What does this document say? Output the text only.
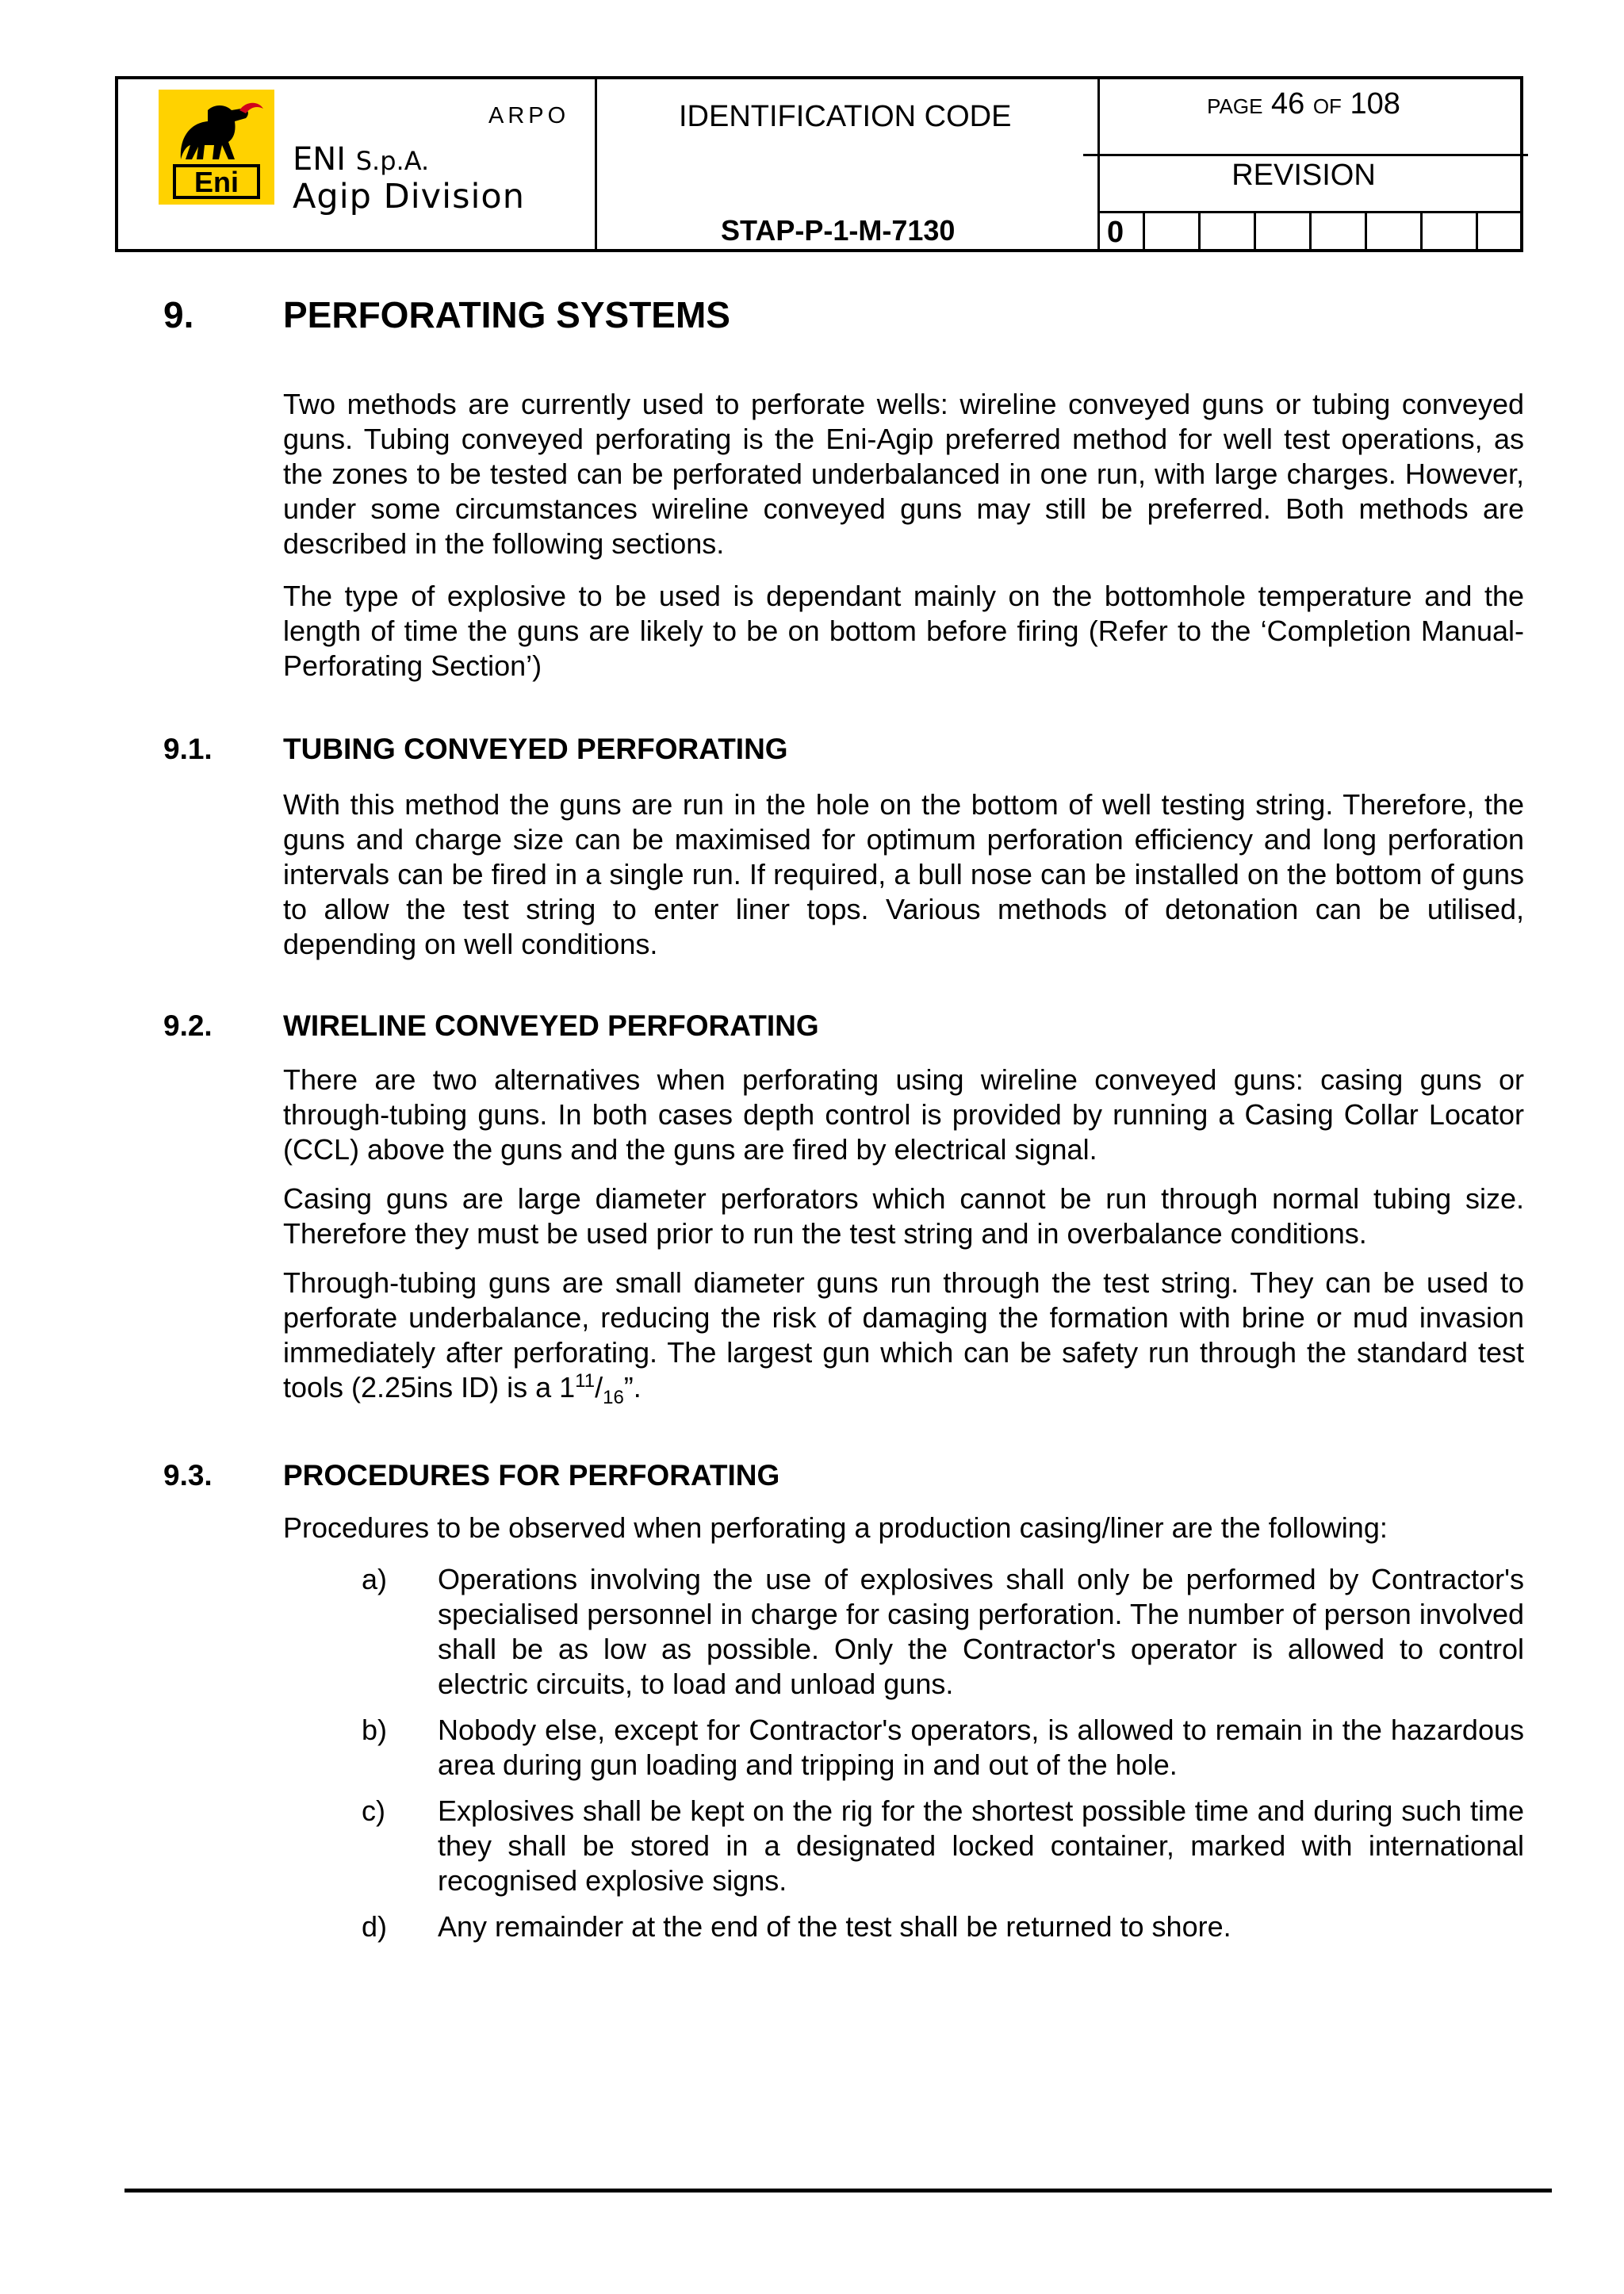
Eni
ARPO
ENI S.p.A.
Agip Division
IDENTIFICATION CODE
STAP-P-1-M-7130
PAGE 46 OF 108
REVISION
0
9. PERFORATING SYSTEMS
Two methods are currently used to perforate wells: wireline conveyed guns or tubing conveyed guns. Tubing conveyed perforating is the Eni-Agip preferred method for well test operations, as the zones to be tested can be perforated underbalanced in one run, with large charges. However, under some circumstances wireline conveyed guns may still be preferred. Both methods are described in the following sections.
The type of explosive to be used is dependant mainly on the bottomhole temperature and the length of time the guns are likely to be on bottom before firing (Refer to the ‘Completion Manual-Perforating Section’)
9.1. TUBING CONVEYED PERFORATING
With this method the guns are run in the hole on the bottom of well testing string. Therefore, the guns and charge size can be maximised for optimum perforation efficiency and long perforation intervals can be fired in a single run. If required, a bull nose can be installed on the bottom of guns to allow the test string to enter liner tops. Various methods of detonation can be utilised, depending on well conditions.
9.2. WIRELINE CONVEYED PERFORATING
There are two alternatives when perforating using wireline conveyed guns: casing guns or through-tubing guns. In both cases depth control is provided by running a Casing Collar Locator (CCL) above the guns and the guns are fired by electrical signal.
Casing guns are large diameter perforators which cannot be run through normal tubing size. Therefore they must be used prior to run the test string and in overbalance conditions.
Through-tubing guns are small diameter guns run through the test string. They can be used to perforate underbalance, reducing the risk of damaging the formation with brine or mud invasion immediately after perforating. The largest gun which can be safety run through the standard test tools (2.25ins ID) is a $1^{11}/_{16}$”.
9.3. PROCEDURES FOR PERFORATING
Procedures to be observed when perforating a production casing/liner are the following:
a) Operations involving the use of explosives shall only be performed by Contractor's specialised personnel in charge for casing perforation. The number of person involved shall be as low as possible. Only the Contractor's operator is allowed to control electric circuits, to load and unload guns.
b) Nobody else, except for Contractor's operators, is allowed to remain in the hazardous area during gun loading and tripping in and out of the hole.
c) Explosives shall be kept on the rig for the shortest possible time and during such time they shall be stored in a designated locked container, marked with international recognised explosive signs.
d) Any remainder at the end of the test shall be returned to shore.
